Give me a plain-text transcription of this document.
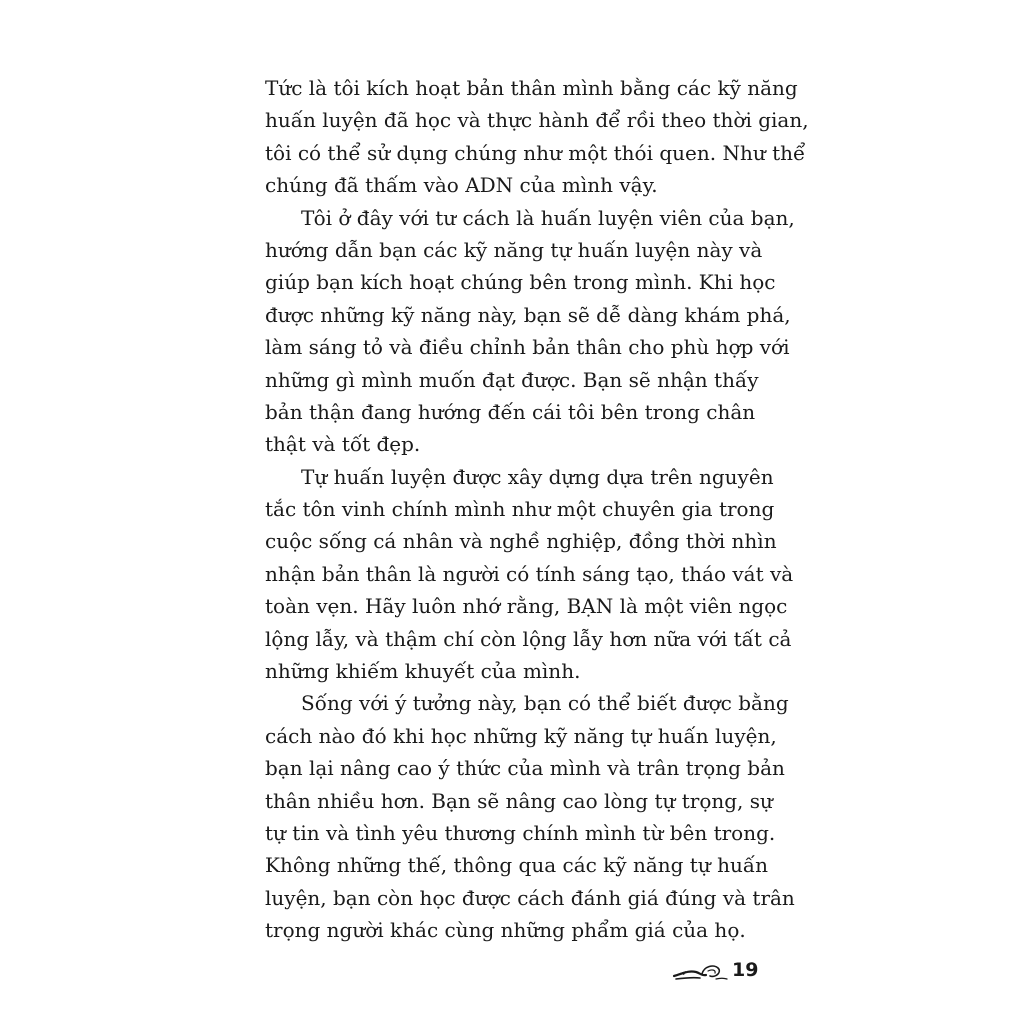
Tức là tôi kích hoạt bản thân mình bằng các kỹ năng
huấn luyện đã học và thực hành để rồi theo thời gian,
tôi có thể sử dụng chúng như một thói quen. Như thể
chúng đã thấm vào ADN của mình vậy.
Tôi ở đây với tư cách là huấn luyện viên của bạn,
hướng dẫn bạn các kỹ năng tự huấn luyện này và
giúp bạn kích hoạt chúng bên trong mình. Khi học
được những kỹ năng này, bạn sẽ dễ dàng khám phá,
làm sáng tỏ và điều chỉnh bản thân cho phù hợp với
những gì mình muốn đạt được. Bạn sẽ nhận thấy
bản thận đang hướng đến cái tôi bên trong chân
thật và tốt đẹp.
Tự huấn luyện được xây dựng dựa trên nguyên
tắc tôn vinh chính mình như một chuyên gia trong
cuộc sống cá nhân và nghề nghiệp, đồng thời nhìn
nhận bản thân là người có tính sáng tạo, tháo vát và
toàn vẹn. Hãy luôn nhớ rằng, BẠN là một viên ngọc
lộng lẫy, và thậm chí còn lộng lẫy hơn nữa với tất cả
những khiếm khuyết của mình.
Sống với ý tưởng này, bạn có thể biết được bằng
cách nào đó khi học những kỹ năng tự huấn luyện,
bạn lại nâng cao ý thức của mình và trân trọng bản
thân nhiều hơn. Bạn sẽ nâng cao lòng tự trọng, sự
tự tin và tình yêu thương chính mình từ bên trong.
Không những thế, thông qua các kỹ năng tự huấn
luyện, bạn còn học được cách đánh giá đúng và trân
trọng người khác cùng những phẩm giá của họ.
19
